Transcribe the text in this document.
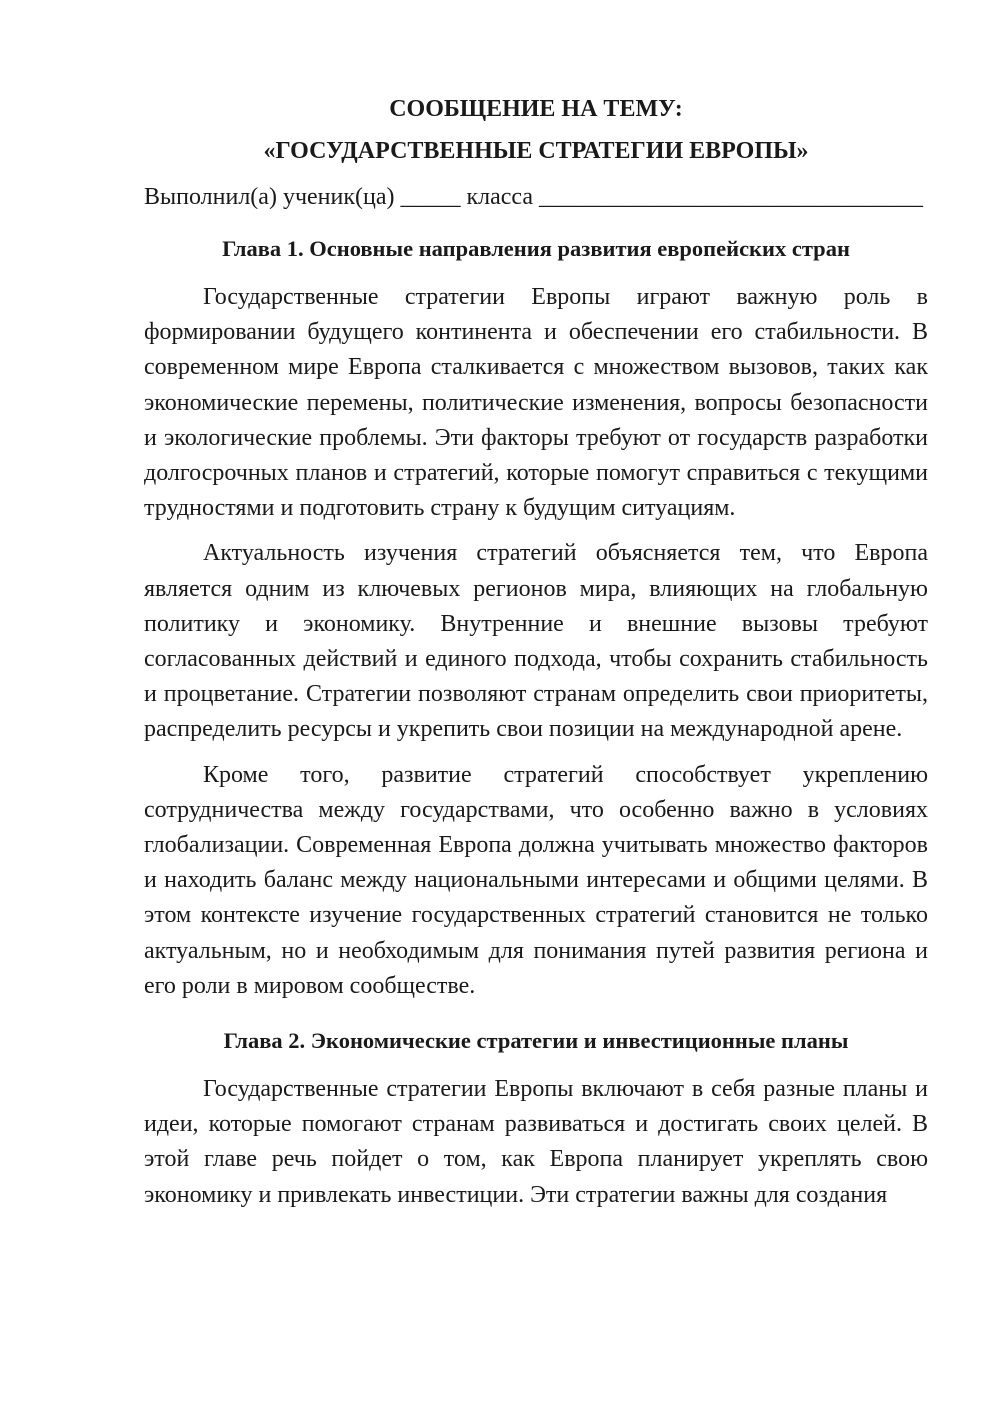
СООБЩЕНИЕ НА ТЕМУ:
«ГОСУДАРСТВЕННЫЕ СТРАТЕГИИ ЕВРОПЫ»
Выполнил(а) ученик(ца) _____ класса ________________________________
Глава 1. Основные направления развития европейских стран

Государственные стратегии Европы играют важную роль в формировании будущего континента и обеспечении его стабильности. В современном мире Европа сталкивается с множеством вызовов, таких как экономические перемены, политические изменения, вопросы безопасности и экологические проблемы. Эти факторы требуют от государств разработки долгосрочных планов и стратегий, которые помогут справиться с текущими трудностями и подготовить страну к будущим ситуациям.

Актуальность изучения стратегий объясняется тем, что Европа является одним из ключевых регионов мира, влияющих на глобальную политику и экономику. Внутренние и внешние вызовы требуют согласованных действий и единого подхода, чтобы сохранить стабильность и процветание. Стратегии позволяют странам определить свои приоритеты, распределить ресурсы и укрепить свои позиции на международной арене.

Кроме того, развитие стратегий способствует укреплению сотрудничества между государствами, что особенно важно в условиях глобализации. Современная Европа должна учитывать множество факторов и находить баланс между национальными интересами и общими целями. В этом контексте изучение государственных стратегий становится не только актуальным, но и необходимым для понимания путей развития региона и его роли в мировом сообществе.

Глава 2. Экономические стратегии и инвестиционные планы

Государственные стратегии Европы включают в себя разные планы и идеи, которые помогают странам развиваться и достигать своих целей. В этой главе речь пойдет о том, как Европа планирует укреплять свою экономику и привлекать инвестиции. Эти стратегии важны для создания
